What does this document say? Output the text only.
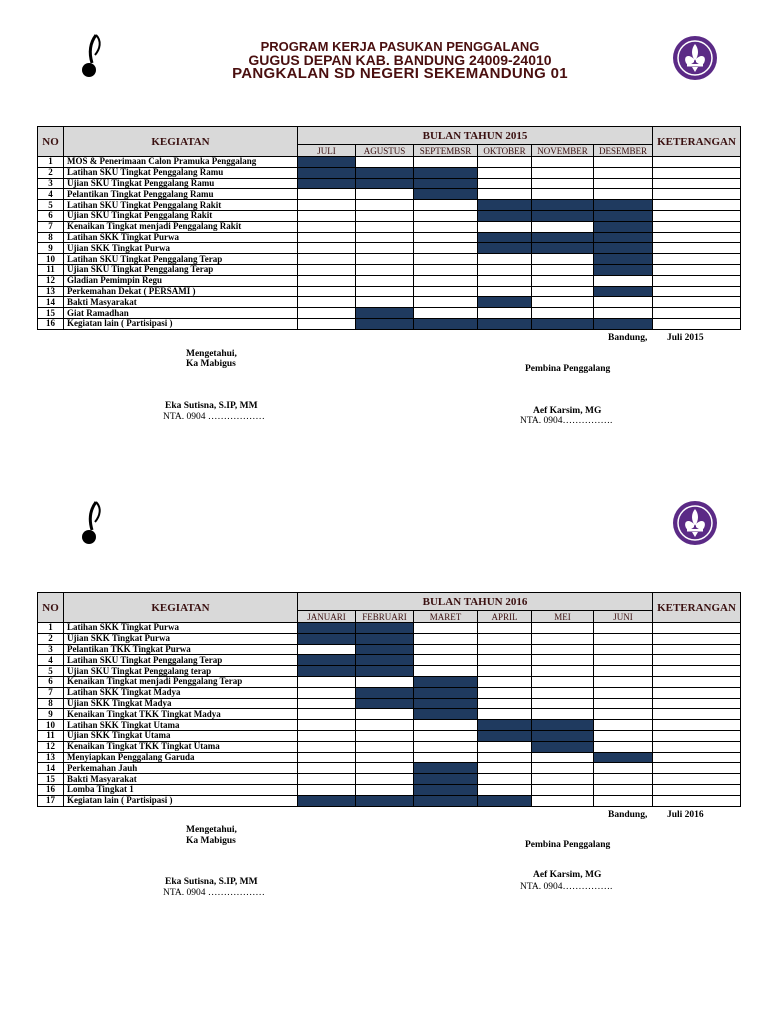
PROGRAM KERJA PASUKAN PENGGALANG
GUGUS DEPAN KAB. BANDUNG 24009-24010
PANGKALAN SD NEGERI SEKEMANDUNG 01
NO	KEGIATAN	BULAN TAHUN 2015						KETERANGAN
		JULI	AGUSTUS	SEPTEMBSR	OKTOBER	NOVEMBER	DESEMBER	
1	MOS & Penerimaan Calon Pramuka Penggalang							
2	Latihan SKU Tingkat Penggalang Ramu							
3	Ujian SKU Tingkat Penggalang Ramu							
4	Pelantikan Tingkat Penggalang Ramu							
5	Latihan SKU Tingkat Penggalang Rakit							
6	Ujian SKU Tingkat Penggalang Rakit							
7	Kenaikan Tingkat menjadi Penggalang Rakit							
8	Latihan SKK Tingkat Purwa							
9	Ujian SKK Tingkat Purwa							
10	Latihan SKU Tingkat Penggalang Terap							
11	Ujian SKU Tingkat Penggalang Terap							
12	Gladian Pemimpin Regu							
13	Perkemahan Dekat ( PERSAMI )							
14	Bakti Masyarakat							
15	Giat Ramadhan							
16	Kegiatan lain ( Partisipasi )							
Bandung, Juli 2015
Mengetahui,
Ka Mabigus	Pembina Penggalang
Eka Sutisna, S.IP, MM
NTA. 0904 ………………
Aef Karsim, MG
NTA. 0904…………….
NO	KEGIATAN	BULAN TAHUN 2016						KETERANGAN
		JANUARI	FEBRUARI	MARET	APRIL	MEI	JUNI	
1	Latihan SKK Tingkat Purwa							
2	Ujian SKK Tingkat Purwa							
3	Pelantikan TKK Tingkat Purwa							
4	Latihan SKU Tingkat Penggalang Terap							
5	Ujian SKU Tingkat Penggalang terap							
6	Kenaikan Tingkat menjadi Penggalang Terap							
7	Latihan SKK Tingkat Madya							
8	Ujian SKK Tingkat Madya							
9	Kenaikan Tingkat TKK Tingkat Madya							
10	Latihan SKK Tingkat Utama							
11	Ujian SKK Tingkat Utama							
12	Kenaikan Tingkat TKK Tingkat Utama							
13	Menyiapkan Penggalang Garuda							
14	Perkemahan Jauh							
15	Bakti Masyarakat							
16	Lomba Tingkat 1							
17	Kegiatan lain ( Partisipasi )							
Bandung, Juli 2016
Mengetahui,
Ka Mabigus	Pembina Penggalang
Eka Sutisna, S.IP, MM
NTA. 0904 ………………
Aef Karsim, MG
NTA. 0904…………….
